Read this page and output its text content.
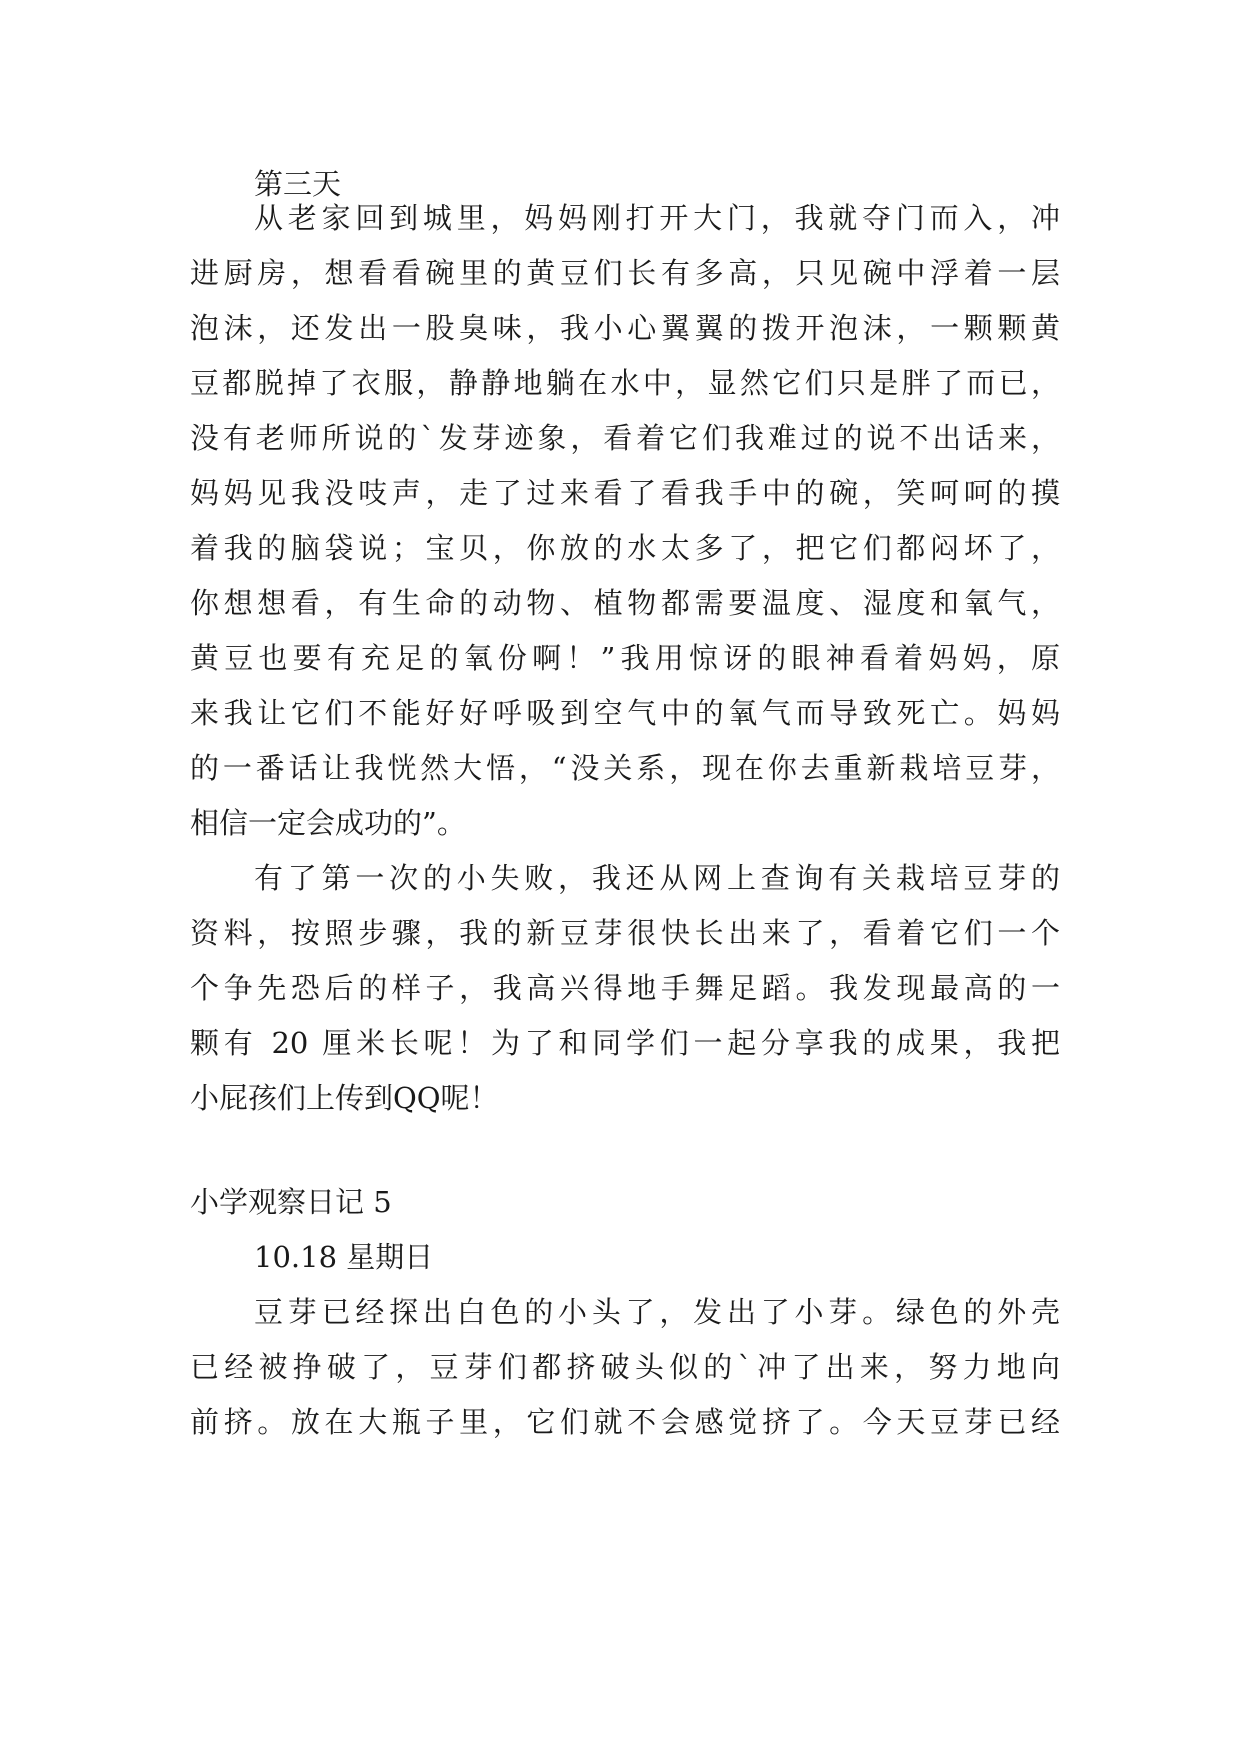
第三天
从老家回到城里，妈妈刚打开大门，我就夺门而入，冲
进厨房，想看看碗里的黄豆们长有多高，只见碗中浮着一层
泡沫，还发出一股臭味，我小心翼翼的拨开泡沫，一颗颗黄
豆都脱掉了衣服，静静地躺在水中，显然它们只是胖了而已，
没有老师所说的`发芽迹象，看着它们我难过的说不出话来，
妈妈见我没吱声，走了过来看了看我手中的碗，笑呵呵的摸
着我的脑袋说；宝贝，你放的水太多了，把它们都闷坏了，
你想想看，有生命的动物、植物都需要温度、湿度和氧气，
黄豆也要有充足的氧份啊！”我用惊讶的眼神看着妈妈，原
来我让它们不能好好呼吸到空气中的氧气而导致死亡。妈妈
的一番话让我恍然大悟，“没关系，现在你去重新栽培豆芽，
相信一定会成功的”。
有了第一次的小失败，我还从网上查询有关栽培豆芽的
资料，按照步骤，我的新豆芽很快长出来了，看着它们一个
个争先恐后的样子，我高兴得地手舞足蹈。我发现最高的一
颗有 20 厘米长呢！为了和同学们一起分享我的成果，我把
小屁孩们上传到QQ呢！
小学观察日记 5
10.18 星期日
豆芽已经探出白色的小头了，发出了小芽。绿色的外壳
已经被挣破了，豆芽们都挤破头似的`冲了出来，努力地向
前挤。放在大瓶子里，它们就不会感觉挤了。今天豆芽已经
